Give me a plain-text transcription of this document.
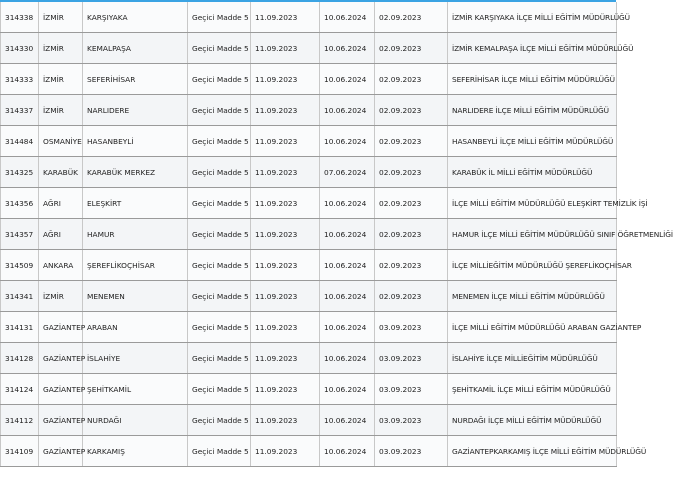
314338	İZMİR	KARŞIYAKA	Geçici Madde 5	11.09.2023	10.06.2024	02.09.2023	İZMİR KARŞIYAKA İLÇE MİLLİ EĞİTİM MÜDÜRLÜĞÜ
314330	İZMİR	KEMALPAŞA	Geçici Madde 5	11.09.2023	10.06.2024	02.09.2023	İZMİR KEMALPAŞA İLÇE MİLLİ EĞİTİM MÜDÜRLÜĞÜ
314333	İZMİR	SEFERİHİSAR	Geçici Madde 5	11.09.2023	10.06.2024	02.09.2023	SEFERİHİSAR İLÇE MİLLİ EĞİTİM MÜDÜRLÜĞÜ
314337	İZMİR	NARLIDERE	Geçici Madde 5	11.09.2023	10.06.2024	02.09.2023	NARLIDERE İLÇE MİLLİ EĞİTİM MÜDÜRLÜĞÜ
314484	OSMANİYE	HASANBEYLİ	Geçici Madde 5	11.09.2023	10.06.2024	02.09.2023	HASANBEYLİ İLÇE MİLLİ EĞİTİM MÜDÜRLÜĞÜ
314325	KARABÜK	KARABÜK MERKEZ	Geçici Madde 5	11.09.2023	07.06.2024	02.09.2023	KARABÜK İL MİLLİ EĞİTİM MÜDÜRLÜĞÜ
314356	AĞRI	ELEŞKİRT	Geçici Madde 5	11.09.2023	10.06.2024	02.09.2023	İLÇE MİLLİ EĞİTİM MÜDÜRLÜĞÜ ELEŞKİRT TEMİZLİK İŞİ
314357	AĞRI	HAMUR	Geçici Madde 5	11.09.2023	10.06.2024	02.09.2023	HAMUR İLÇE MİLLİ EĞİTİM MÜDÜRLÜĞÜ SINIF ÖĞRETMENLİĞİ
314509	ANKARA	ŞEREFLİKOÇHİSAR	Geçici Madde 5	11.09.2023	10.06.2024	02.09.2023	İLÇE MİLLİEĞİTİM MÜDÜRLÜĞÜ ŞEREFLİKOÇHİSAR
314341	İZMİR	MENEMEN	Geçici Madde 5	11.09.2023	10.06.2024	02.09.2023	MENEMEN İLÇE MİLLİ EĞİTİM MÜDÜRLÜĞÜ
314131	GAZİANTEP	ARABAN	Geçici Madde 5	11.09.2023	10.06.2024	03.09.2023	İLÇE MİLLİ EĞİTİM MÜDÜRLÜĞÜ ARABAN GAZİANTEP
314128	GAZİANTEP	İSLAHİYE	Geçici Madde 5	11.09.2023	10.06.2024	03.09.2023	İSLAHİYE İLÇE MİLLİEĞİTİM MÜDÜRLÜĞÜ
314124	GAZİANTEP	ŞEHİTKAMİL	Geçici Madde 5	11.09.2023	10.06.2024	03.09.2023	ŞEHİTKAMİL İLÇE MİLLİ EĞİTİM MÜDÜRLÜĞÜ
314112	GAZİANTEP	NURDAĞI	Geçici Madde 5	11.09.2023	10.06.2024	03.09.2023	NURDAĞI İLÇE MİLLİ EĞİTİM MÜDÜRLÜĞÜ
314109	GAZİANTEP	KARKAMIŞ	Geçici Madde 5	11.09.2023	10.06.2024	03.09.2023	GAZİANTEPKARKAMIŞ İLÇE MİLLİ EĞİTİM MÜDÜRLÜĞÜ
